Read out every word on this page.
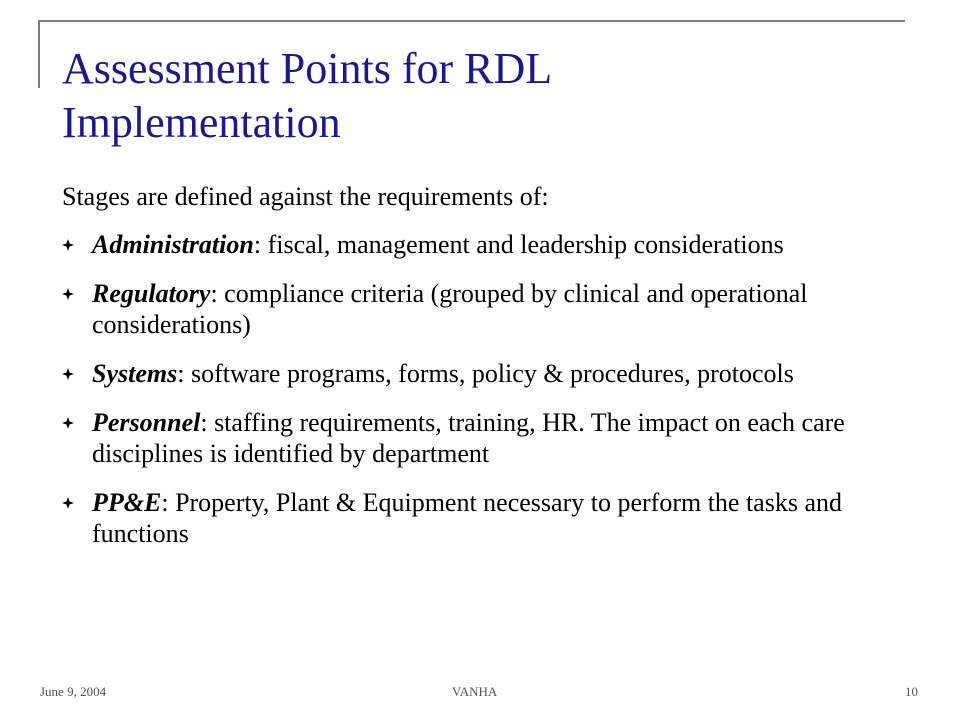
Assessment Points for RDL
Implementation

Stages are defined against the requirements of:

Administration: fiscal, management and leadership considerations
Regulatory: compliance criteria (grouped by clinical and operational considerations)
Systems: software programs, forms, policy & procedures, protocols
Personnel: staffing requirements, training, HR. The impact on each care disciplines is identified by department
PP&E: Property, Plant & Equipment necessary to perform the tasks and functions
June 9, 2004	VANHA	10
